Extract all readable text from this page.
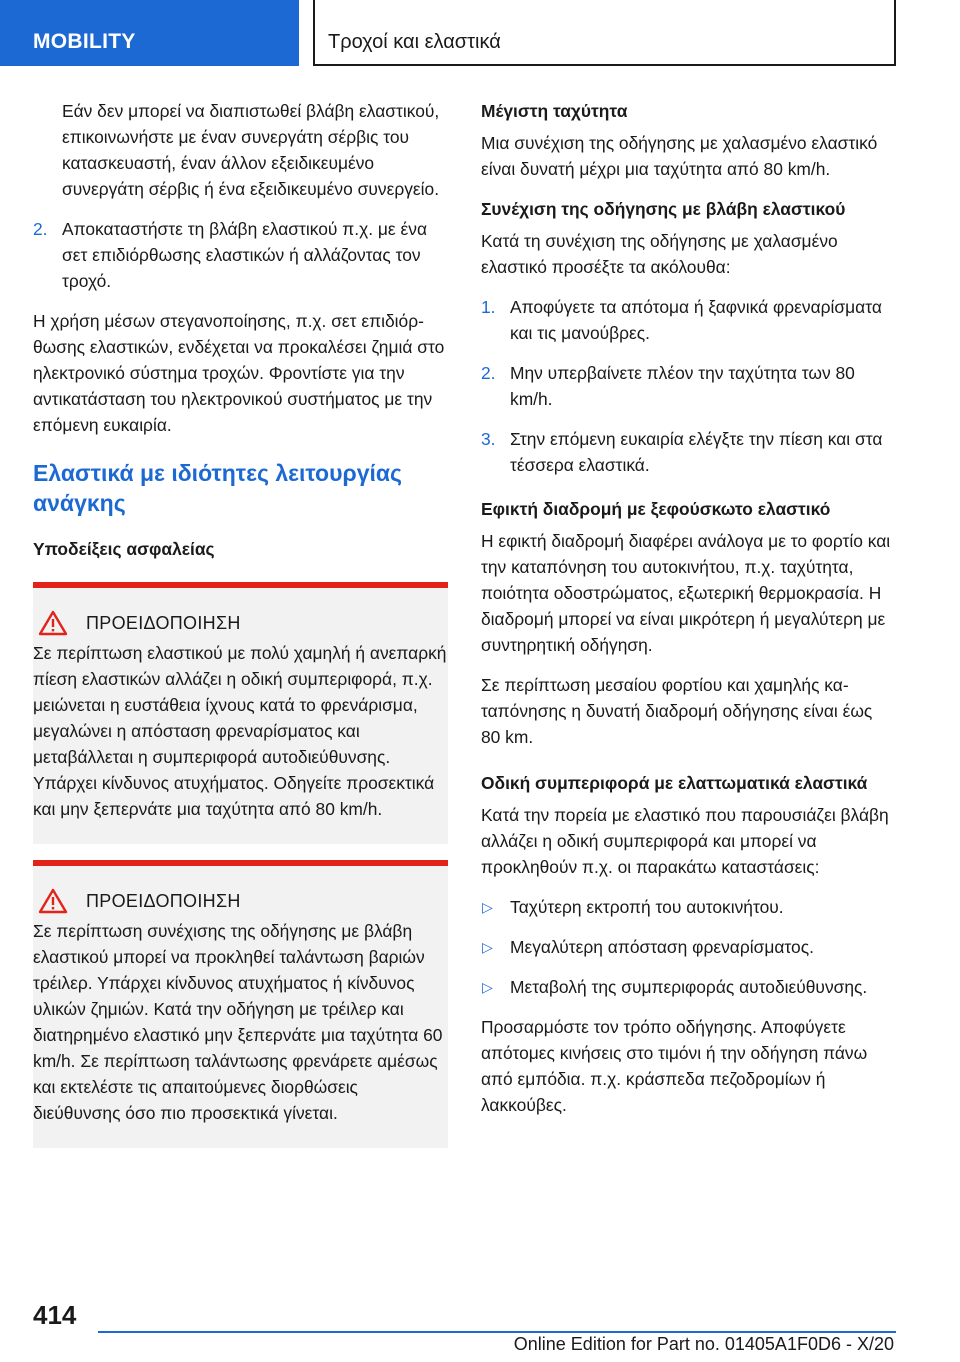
MOBILITY	Τροχοί και ελαστικά

Εάν δεν μπορεί να διαπιστωθεί βλάβη ελαστικού, επικοινωνήστε με έναν συνεργάτη σέρβις του κατασκευαστή, έναν άλλον εξειδικευμένο συνεργάτη σέρβις ή ένα εξειδικευμένο συνεργείο.

2. Αποκαταστήστε τη βλάβη ελαστικού π.χ. με ένα σετ επιδιόρθωσης ελαστικών ή αλλάζοντας τον τροχό.

Η χρήση μέσων στεγανοποίησης, π.χ. σετ επιδιόρθωσης ελαστικών, ενδέχεται να προκαλέσει ζημιά στο ηλεκτρονικό σύστημα τροχών. Φροντίστε για την αντικατάσταση του ηλεκτρονικού συστήματος με την επόμενη ευκαιρία.

Ελαστικά με ιδιότητες λειτουργίας ανάγκης
Υποδείξεις ασφαλείας
ΠΡΟΕΙΔΟΠΟΙΗΣΗ
Σε περίπτωση ελαστικού με πολύ χαμηλή ή ανεπαρκή πίεση ελαστικών αλλάζει η οδική συμπεριφορά, π.χ. μειώνεται η ευστάθεια ίχνους κατά το φρενάρισμα, μεγαλώνει η απόσταση φρεναρίσματος και μεταβάλλεται η συμπεριφορά αυτοδιεύθυνσης. Υπάρχει κίνδυνος ατυχήματος. Οδηγείτε προσεκτικά και μην ξεπερνάτε μια ταχύτητα από 80 km/h.
ΠΡΟΕΙΔΟΠΟΙΗΣΗ
Σε περίπτωση συνέχισης της οδήγησης με βλάβη ελαστικού μπορεί να προκληθεί ταλάντωση βαριών τρέιλερ. Υπάρχει κίνδυνος ατυχήματος ή κίνδυνος υλικών ζημιών. Κατά την οδήγηση με τρέιλερ και διατηρημένο ελαστικό μην ξεπερνάτε μια ταχύτητα 60 km/h. Σε περίπτωση ταλάντωσης φρενάρετε αμέσως και εκτελέστε τις απαιτούμενες διορθώσεις διεύθυνσης όσο πιο προσεκτικά γίνεται.
Μέγιστη ταχύτητα

Μια συνέχιση της οδήγησης με χαλασμένο ελαστικό είναι δυνατή μέχρι μια ταχύτητα από 80 km/h.

Συνέχιση της οδήγησης με βλάβη ελαστικού

Κατά τη συνέχιση της οδήγησης με χαλασμένο ελαστικό προσέξτε τα ακόλουθα:

1. Αποφύγετε τα απότομα ή ξαφνικά φρεναρίσματα και τις μανούβρες.
2. Μην υπερβαίνετε πλέον την ταχύτητα των 80 km/h.
3. Στην επόμενη ευκαιρία ελέγξτε την πίεση και στα τέσσερα ελαστικά.
Εφικτή διαδρομή με ξεφούσκωτο ελαστικό

Η εφικτή διαδρομή διαφέρει ανάλογα με το φορτίο και την καταπόνηση του αυτοκινήτου, π.χ. ταχύτητα, ποιότητα οδοστρώματος, εξωτερική θερμοκρασία. Η διαδρομή μπορεί να είναι μικρότερη ή μεγαλύτερη με συντηρητική οδήγηση.

Σε περίπτωση μεσαίου φορτίου και χαμηλής καταπόνησης η δυνατή διαδρομή οδήγησης είναι έως 80 km.

Οδική συμπεριφορά με ελαττωματικά ελαστικά

Κατά την πορεία με ελαστικό που παρουσιάζει βλάβη αλλάζει η οδική συμπεριφορά και μπορεί να προκληθούν π.χ. οι παρακάτω καταστάσεις:

▷ Ταχύτερη εκτροπή του αυτοκινήτου.
▷ Μεγαλύτερη απόσταση φρεναρίσματος.
▷ Μεταβολή της συμπεριφοράς αυτοδιεύθυνσης.

Προσαρμόστε τον τρόπο οδήγησης. Αποφύγετε απότομες κινήσεις στο τιμόνι ή την οδήγηση πάνω από εμπόδια. π.χ. κράσπεδα πεζοδρομίων ή λακκούβες.

414
Online Edition for Part no. 01405A1F0D6 - X/20
